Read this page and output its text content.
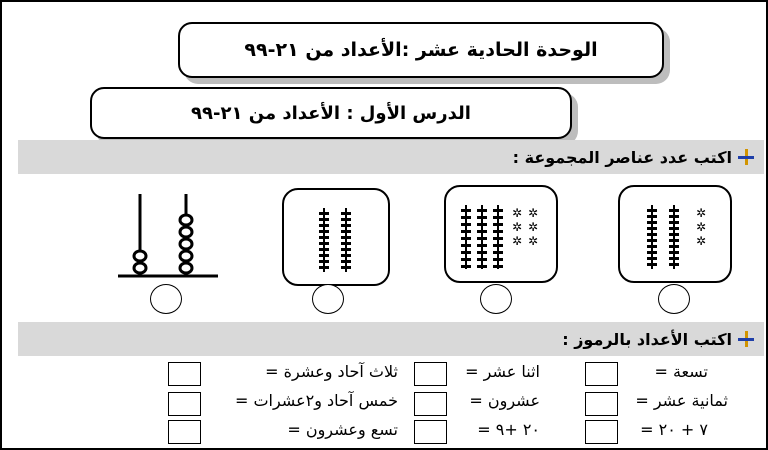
الوحدة الحادية عشر :الأعداد من ٢١-٩٩
الدرس الأول : الأعداد من ٢١-٩٩
اكتب عدد عناصر المجموعة :
✲
✲
✲
✲ ✲
✲ ✲
✲ ✲
اكتب الأعداد بالرموز :
تسعة =
ثمانية عشر =
٧ + ٢٠ =
اثنا عشر =
عشرون =
٢٠ +٩ =
ثلاث آحاد وعشرة =
خمس آحاد و٢عشرات =
تسع وعشرون =
